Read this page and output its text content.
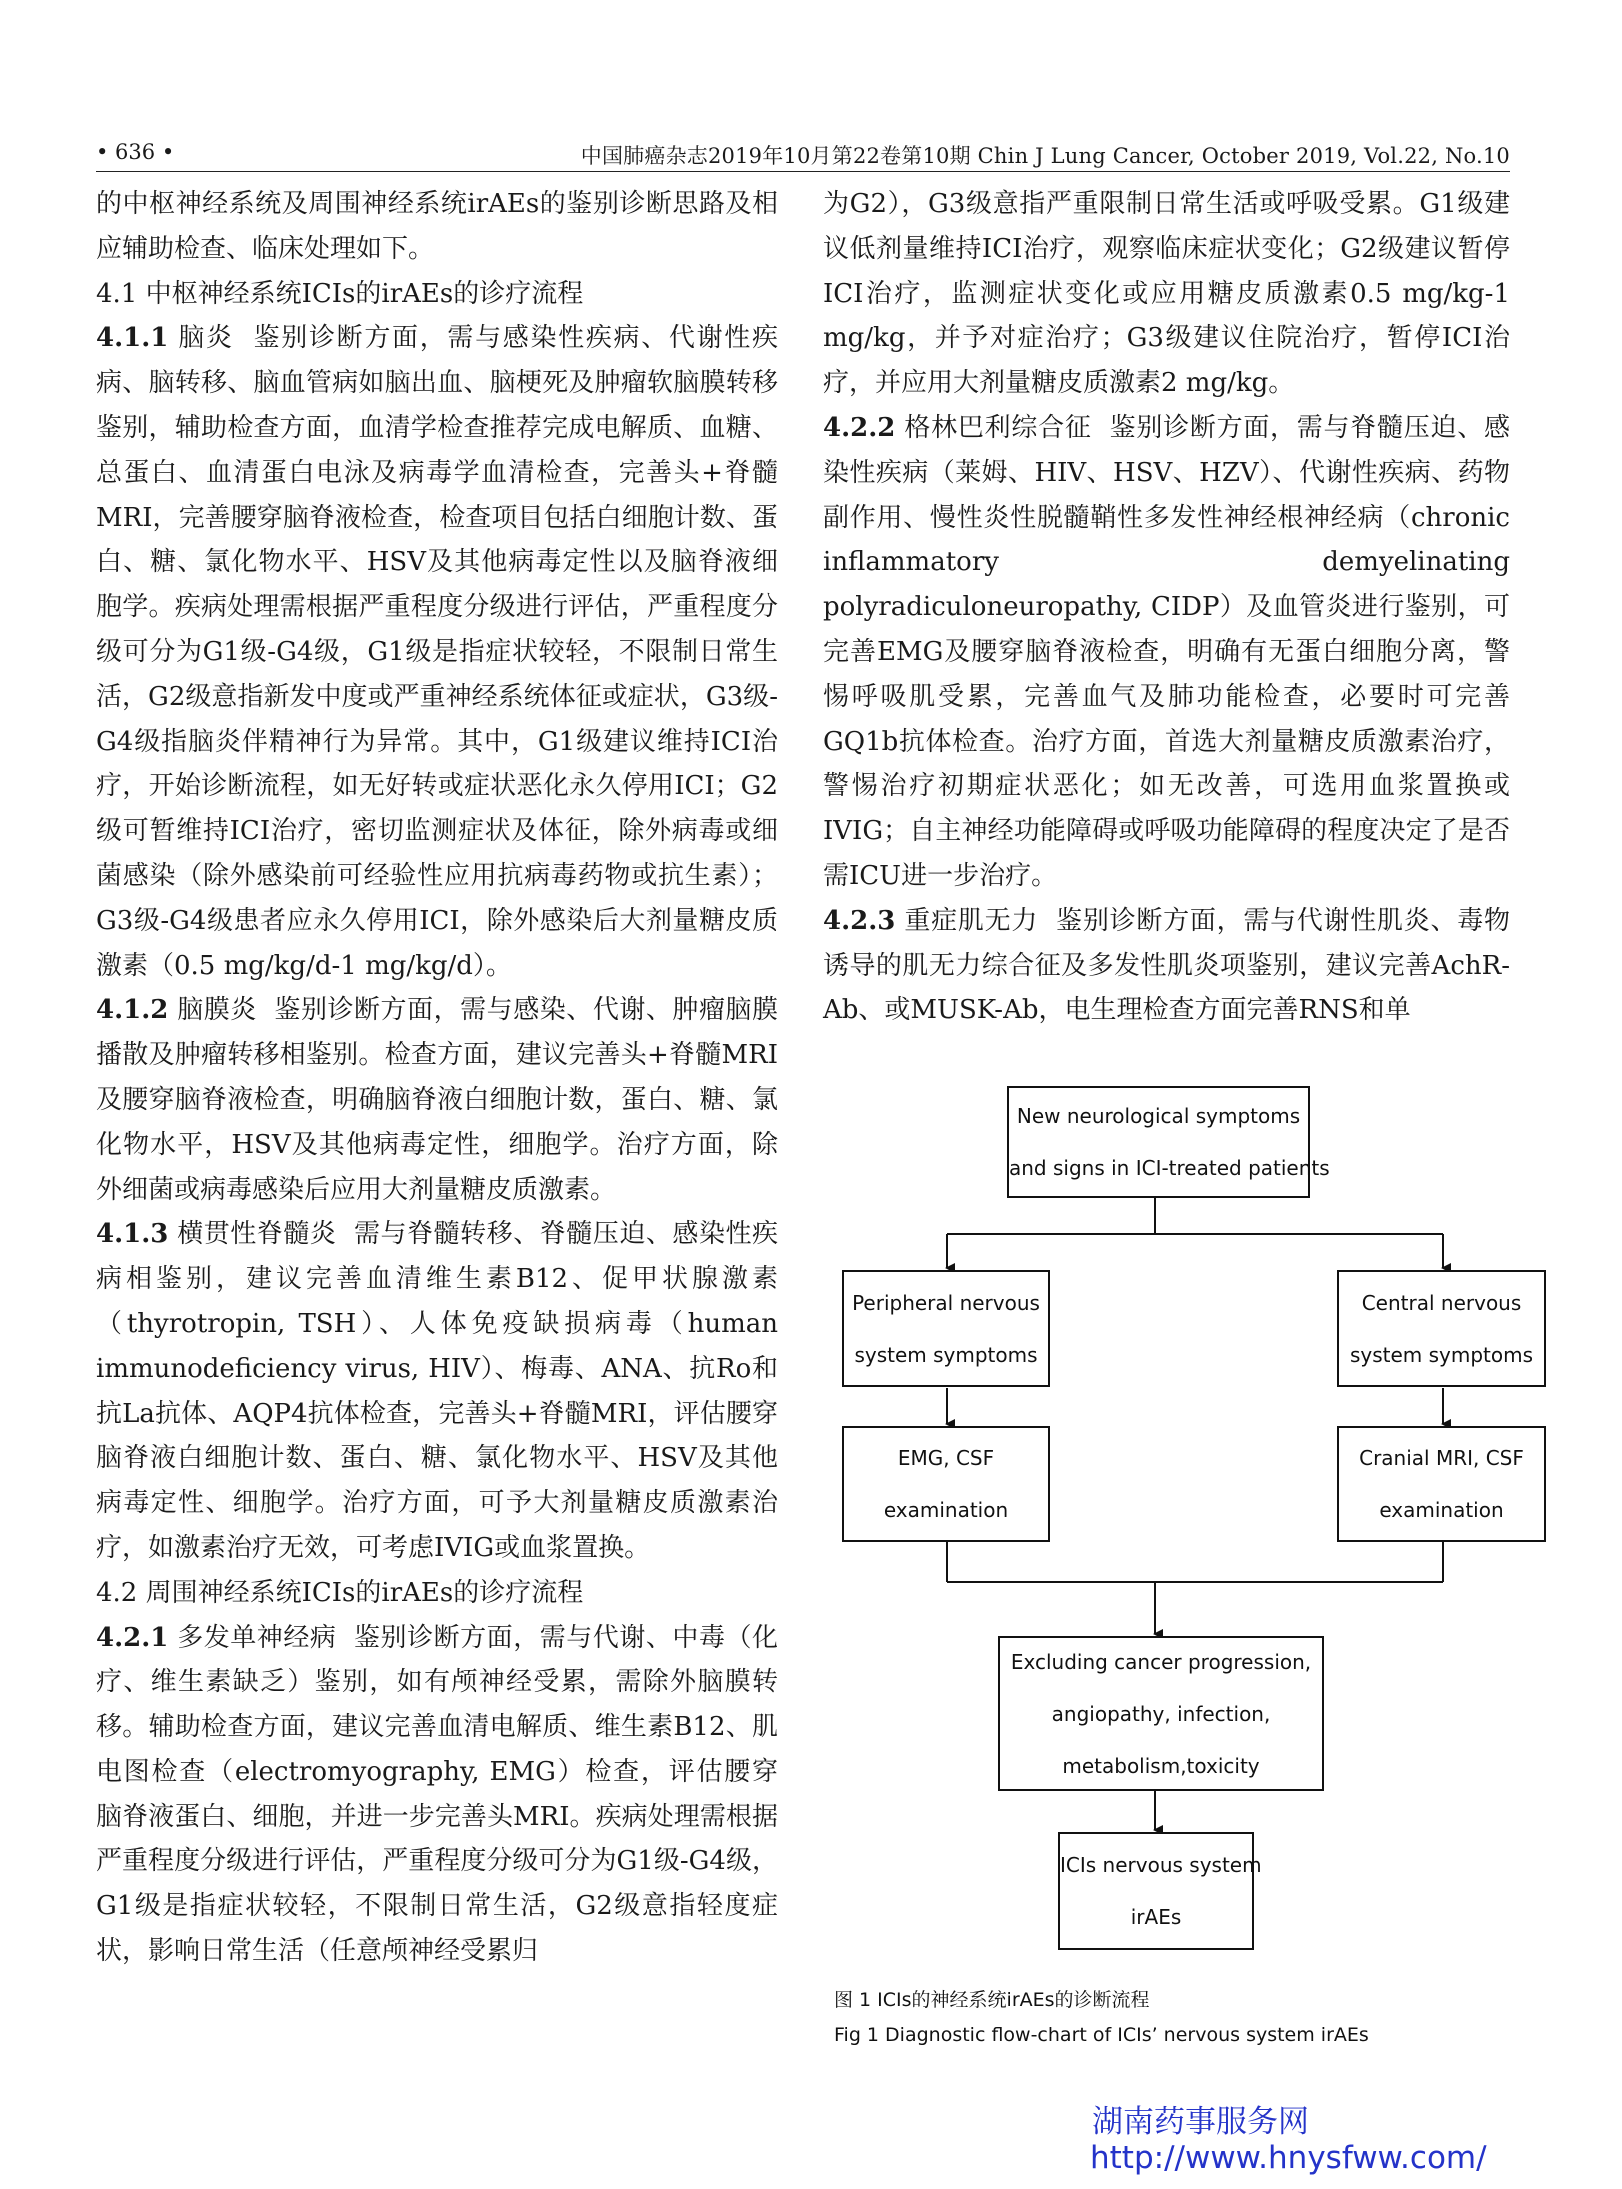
• 636 •	中国肺癌杂志2019年10月第22卷第10期 Chin J Lung Cancer, October 2019, Vol.22, No.10

的中枢神经系统及周围神经系统irAEs的鉴别诊断思路及相应辅助检查、临床处理如下。

4.1 中枢神经系统ICIs的irAEs的诊疗流程

4.1.1 脑炎 鉴别诊断方面，需与感染性疾病、代谢性疾病、脑转移、脑血管病如脑出血、脑梗死及肿瘤软脑膜转移鉴别，辅助检查方面，血清学检查推荐完成电解质、血糖、总蛋白、血清蛋白电泳及病毒学血清检查，完善头+脊髓MRI，完善腰穿脑脊液检查，检查项目包括白细胞计数、蛋白、糖、氯化物水平、HSV及其他病毒定性以及脑脊液细胞学。疾病处理需根据严重程度分级进行评估，严重程度分级可分为G1级-G4级，G1级是指症状较轻，不限制日常生活，G2级意指新发中度或严重神经系统体征或症状，G3级-G4级指脑炎伴精神行为异常。其中，G1级建议维持ICI治疗，开始诊断流程，如无好转或症状恶化永久停用ICI；G2级可暂维持ICI治疗，密切监测症状及体征，除外病毒或细菌感染（除外感染前可经验性应用抗病毒药物或抗生素）；G3级-G4级患者应永久停用ICI，除外感染后大剂量糖皮质激素（0.5 mg/kg/d-1 mg/kg/d）。

4.1.2 脑膜炎 鉴别诊断方面，需与感染、代谢、肿瘤脑膜播散及肿瘤转移相鉴别。检查方面，建议完善头+脊髓MRI及腰穿脑脊液检查，明确脑脊液白细胞计数，蛋白、糖、氯化物水平，HSV及其他病毒定性，细胞学。治疗方面，除外细菌或病毒感染后应用大剂量糖皮质激素。

4.1.3 横贯性脊髓炎 需与脊髓转移、脊髓压迫、感染性疾病相鉴别，建议完善血清维生素B12、促甲状腺激素（thyrotropin, TSH）、人体免疫缺损病毒（human immunodeficiency virus, HIV）、梅毒、ANA、抗Ro和抗La抗体、AQP4抗体检查，完善头+脊髓MRI，评估腰穿脑脊液白细胞计数、蛋白、糖、氯化物水平、HSV及其他病毒定性、细胞学。治疗方面，可予大剂量糖皮质激素治疗，如激素治疗无效，可考虑IVIG或血浆置换。

4.2 周围神经系统ICIs的irAEs的诊疗流程

4.2.1 多发单神经病 鉴别诊断方面，需与代谢、中毒（化疗、维生素缺乏）鉴别，如有颅神经受累，需除外脑膜转移。辅助检查方面，建议完善血清电解质、维生素B12、肌电图检查（electromyography, EMG）检查，评估腰穿脑脊液蛋白、细胞，并进一步完善头MRI。疾病处理需根据严重程度分级进行评估，严重程度分级可分为G1级-G4级，G1级是指症状较轻，不限制日常生活，G2级意指轻度症状，影响日常生活（任意颅神经受累归

为G2），G3级意指严重限制日常生活或呼吸受累。G1级建议低剂量维持ICI治疗，观察临床症状变化；G2级建议暂停ICI治疗，监测症状变化或应用糖皮质激素0.5 mg/kg-1 mg/kg，并予对症治疗；G3级建议住院治疗，暂停ICI治疗，并应用大剂量糖皮质激素2 mg/kg。

4.2.2 格林巴利综合征 鉴别诊断方面，需与脊髓压迫、感染性疾病（莱姆、HIV、HSV、HZV）、代谢性疾病、药物副作用、慢性炎性脱髓鞘性多发性神经根神经病（chronic inflammatory demyelinating polyradiculoneuropathy, CIDP）及血管炎进行鉴别，可完善EMG及腰穿脑脊液检查，明确有无蛋白细胞分离，警惕呼吸肌受累，完善血气及肺功能检查，必要时可完善GQ1b抗体检查。治疗方面，首选大剂量糖皮质激素治疗，警惕治疗初期症状恶化；如无改善，可选用血浆置换或IVIG；自主神经功能障碍或呼吸功能障碍的程度决定了是否需ICU进一步治疗。

4.2.3 重症肌无力 鉴别诊断方面，需与代谢性肌炎、毒物诱导的肌无力综合征及多发性肌炎项鉴别，建议完善AchR-Ab、或MUSK-Ab，电生理检查方面完善RNS和单

New neurological symptoms
and signs in ICI-treated patients
Peripheral nervous
system symptoms
Central nervous
system symptoms
EMG, CSF
examination
Cranial MRI, CSF
examination
Excluding cancer progression,
angiopathy, infection,
metabolism,toxicity
ICIs nervous system
irAEs
图 1 ICIs的神经系统irAEs的诊断流程
Fig 1 Diagnostic flow-chart of ICIs’ nervous system irAEs
湖南药事服务网
http://www.hnysfww.com/
